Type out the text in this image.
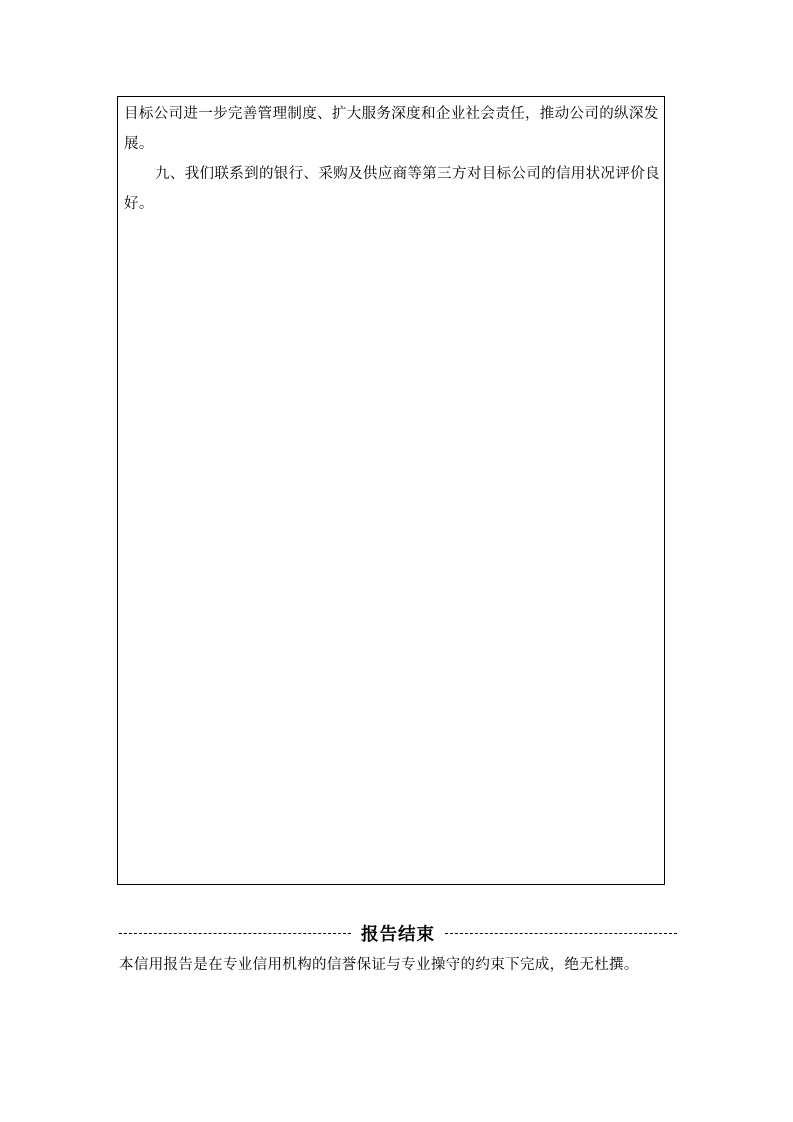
目标公司进一步完善管理制度、扩大服务深度和企业社会责任，推动公司的纵深发展。

九、我们联系到的银行、采购及供应商等第三方对目标公司的信用状况评价良好。

报告结束

本信用报告是在专业信用机构的信誉保证与专业操守的约束下完成，绝无杜撰。
